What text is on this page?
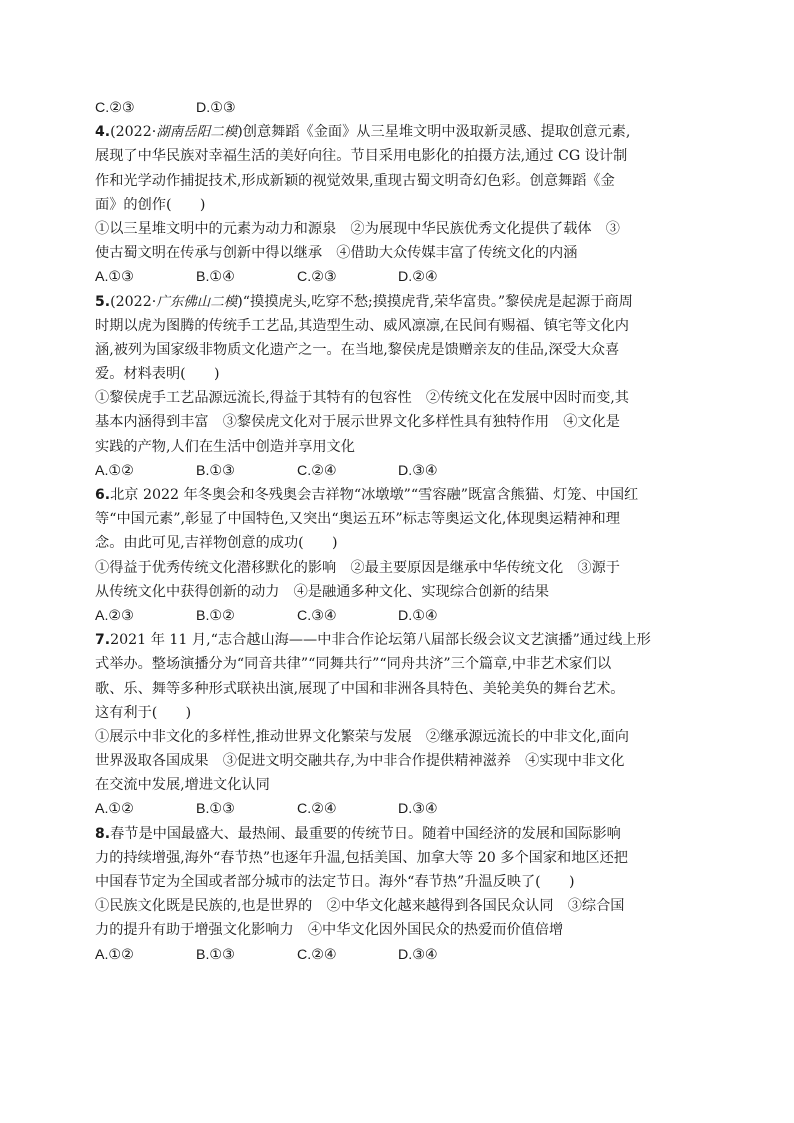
C.②③	D.①③
4.(2022·湖南岳阳二模)创意舞蹈《金面》从三星堆文明中汲取新灵感、提取创意元素,
展现了中华民族对幸福生活的美好向往。节目采用电影化的拍摄方法,通过 CG 设计制
作和光学动作捕捉技术,形成新颖的视觉效果,重现古蜀文明奇幻色彩。创意舞蹈《金
面》的创作(　　)
①以三星堆文明中的元素为动力和源泉　②为展现中华民族优秀文化提供了载体　③
使古蜀文明在传承与创新中得以继承　④借助大众传媒丰富了传统文化的内涵
A.①③	B.①④	C.②③	D.②④
5.(2022·广东佛山二模)“摸摸虎头,吃穿不愁;摸摸虎背,荣华富贵。”黎侯虎是起源于商周
时期以虎为图腾的传统手工艺品,其造型生动、威风凛凛,在民间有赐福、镇宅等文化内
涵,被列为国家级非物质文化遗产之一。在当地,黎侯虎是馈赠亲友的佳品,深受大众喜
爱。材料表明(　　)
①黎侯虎手工艺品源远流长,得益于其特有的包容性　②传统文化在发展中因时而变,其
基本内涵得到丰富　③黎侯虎文化对于展示世界文化多样性具有独特作用　④文化是
实践的产物,人们在生活中创造并享用文化
A.①②	B.①③	C.②④	D.③④
6.北京 2022 年冬奥会和冬残奥会吉祥物“冰墩墩”“雪容融”既富含熊猫、灯笼、中国红
等“中国元素”,彰显了中国特色,又突出“奥运五环”标志等奥运文化,体现奥运精神和理
念。由此可见,吉祥物创意的成功(　　)
①得益于优秀传统文化潜移默化的影响　②最主要原因是继承中华传统文化　③源于
从传统文化中获得创新的动力　④是融通多种文化、实现综合创新的结果
A.②③	B.①②	C.③④	D.①④
7.2021 年 11 月,“志合越山海——中非合作论坛第八届部长级会议文艺演播”通过线上形
式举办。整场演播分为“同音共律”“同舞共行”“同舟共济”三个篇章,中非艺术家们以
歌、乐、舞等多种形式联袂出演,展现了中国和非洲各具特色、美轮美奂的舞台艺术。
这有利于(　　)
①展示中非文化的多样性,推动世界文化繁荣与发展　②继承源远流长的中非文化,面向
世界汲取各国成果　③促进文明交融共存,为中非合作提供精神滋养　④实现中非文化
在交流中发展,增进文化认同
A.①②	B.①③	C.②④	D.③④
8.春节是中国最盛大、最热闹、最重要的传统节日。随着中国经济的发展和国际影响
力的持续增强,海外“春节热”也逐年升温,包括美国、加拿大等 20 多个国家和地区还把
中国春节定为全国或者部分城市的法定节日。海外“春节热”升温反映了(　　)
①民族文化既是民族的,也是世界的　②中华文化越来越得到各国民众认同　③综合国
力的提升有助于增强文化影响力　④中华文化因外国民众的热爱而价值倍增
A.①②	B.①③	C.②④	D.③④
